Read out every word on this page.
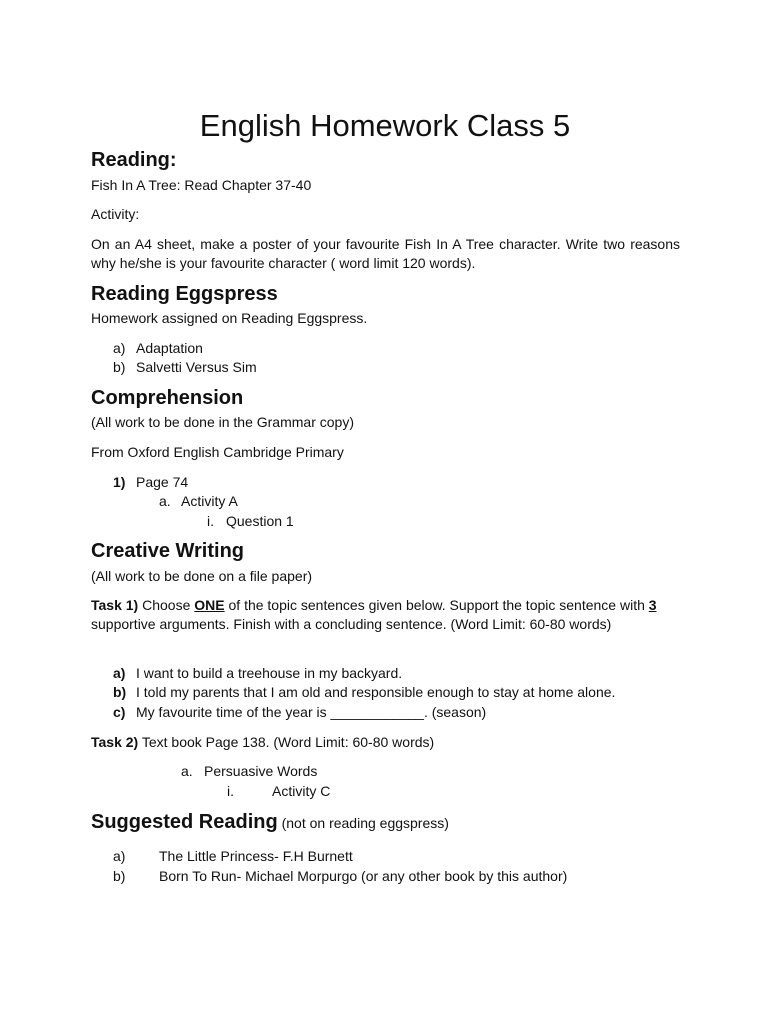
English Homework Class 5
Reading:
Fish In A Tree: Read Chapter 37-40
Activity:
On an A4 sheet, make a poster of your favourite Fish In A Tree character. Write two reasons why he/she is your favourite character ( word limit 120 words).
Reading Eggspress
Homework assigned on Reading Eggspress.
a) Adaptation
b) Salvetti Versus Sim
Comprehension
(All work to be done in the Grammar copy)
From Oxford English Cambridge Primary
1) Page 74
a. Activity A
i. Question 1
Creative Writing
(All work to be done on a file paper)
Task 1) Choose ONE of the topic sentences given below. Support the topic sentence with 3 supportive arguments. Finish with a concluding sentence. (Word Limit: 60-80 words)
a) I want to build a treehouse in my backyard.
b) I told my parents that I am old and responsible enough to stay at home alone.
c) My favourite time of the year is ____________. (season)
Task 2) Text book Page 138. (Word Limit: 60-80 words)
a. Persuasive Words
i.	Activity C
Suggested Reading (not on reading eggspress)
a) The Little Princess- F.H Burnett
b) Born To Run- Michael Morpurgo (or any other book by this author)
